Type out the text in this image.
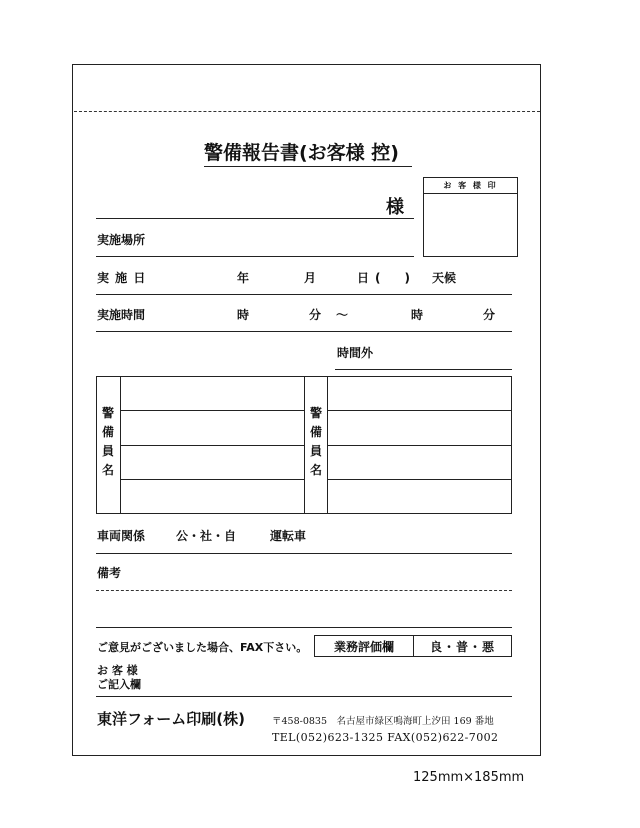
警備報告書(お客様 控)
様
お 客 様 印
実施場所
実 施 日	年	月	日(　) 天候
実施時間	時	分 ～	時	分
時間外
警
備
員
名
警
備
員
名
車両関係	公・社・自	運転車
備考
ご意見がございました場合、FAX下さい。	業務評価欄	良・普・悪
お 客 様
ご記入欄
東洋フォーム印刷(株)	〒458-0835　名古屋市緑区鳴海町上汐田 169 番地
TEL(052)623-1325 FAX(052)622-7002
125mm×185mm
